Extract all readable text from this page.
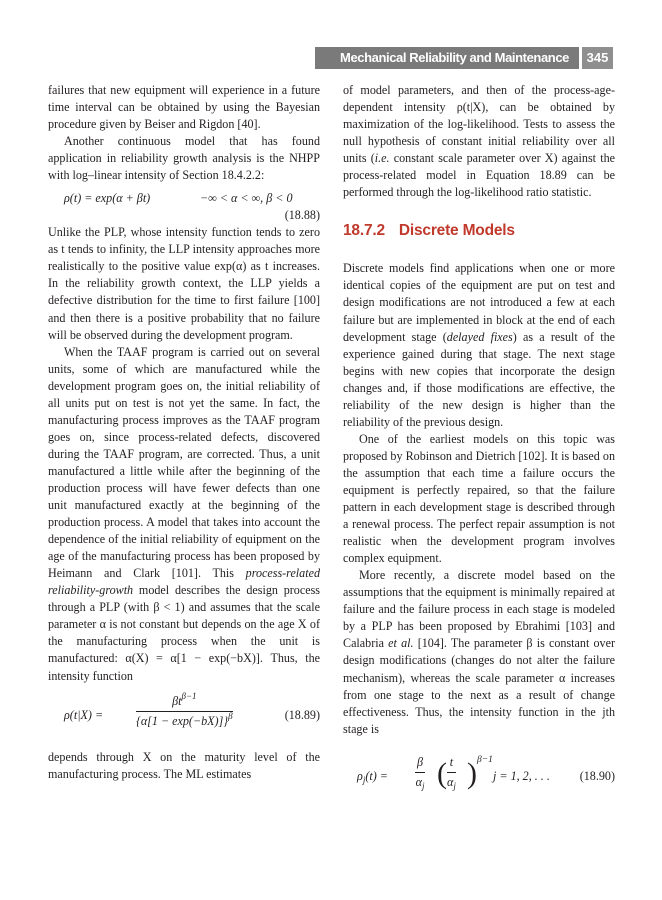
Mechanical Reliability and Maintenance Models
345

failures that new equipment will experience in a future time interval can be obtained by using the Bayesian procedure given by Beiser and Rigdon [40].

Another continuous model that has found application in reliability growth analysis is the NHPP with log–linear intensity of Section 18.4.2.2:

ρ(t) = exp(α + βt)	−∞ < α < ∞, β < 0
(18.88)

Unlike the PLP, whose intensity function tends to zero as t tends to infinity, the LLP intensity approaches more realistically to the positive value exp(α) as t increases. In the reliability growth context, the LLP yields a defective distribution for the time to first failure [100] and then there is a positive probability that no failure will be observed during the development program.

When the TAAF program is carried out on several units, some of which are manufactured while the development program goes on, the initial reliability of all units put on test is not yet the same. In fact, the manufacturing process improves as the TAAF program goes on, since process-related defects, discovered during the TAAF program, are corrected. Thus, a unit manufactured a little while after the beginning of the production process will have fewer defects than one unit manufactured exactly at the beginning of the production process. A model that takes into account the dependence of the initial reliability of equipment on the age of the manufacturing process has been proposed by Heimann and Clark [101]. This process-related reliability-growth model describes the design process through a PLP (with β < 1) and assumes that the scale parameter α is not constant but depends on the age X of the manufacturing process when the unit is manufactured: α(X) = α[1 − exp(−bX)]. Thus, the intensity function

ρ(t|X) =
$\beta t^{\beta-1}$
$\{\alpha[1 - \exp(-bX)]\}^\beta$	(18.89)

depends through X on the maturity level of the manufacturing process. The ML estimates

of model parameters, and then of the process-age-dependent intensity ρ(t|X), can be obtained by maximization of the log-likelihood. Tests to assess the null hypothesis of constant initial reliability over all units (i.e. constant scale parameter over X) against the process-related model in Equation 18.89 can be performed through the log-likelihood ratio statistic.

18.7.2 Discrete Models

Discrete models find applications when one or more identical copies of the equipment are put on test and design modifications are not introduced a few at each failure but are implemented in block at the end of each development stage (delayed fixes) as a result of the experience gained during that stage. The next stage begins with new copies that incorporate the design changes and, if those modifications are effective, the reliability of the new design is higher than the reliability of the previous design.

One of the earliest models on this topic was proposed by Robinson and Dietrich [102]. It is based on the assumption that each time a failure occurs the equipment is perfectly repaired, so that the failure pattern in each development stage is described through a renewal process. The perfect repair assumption is not realistic when the development program involves complex equipment.

More recently, a discrete model based on the assumptions that the equipment is minimally repaired at failure and the failure process in each stage is modeled by a PLP has been proposed by Ebrahimi [103] and Calabria et al. [104]. The parameter β is constant over design modifications (changes do not alter the failure mechanism), whereas the scale parameter α increases from one stage to the next as a result of change effectiveness. Thus, the intensity function in the jth stage is

$\rho_j(t) = \frac{\beta}{\alpha_j}$ ( $\frac{t}{\alpha_j}$ ) β−1
j = 1, 2, . . . (18.90)
